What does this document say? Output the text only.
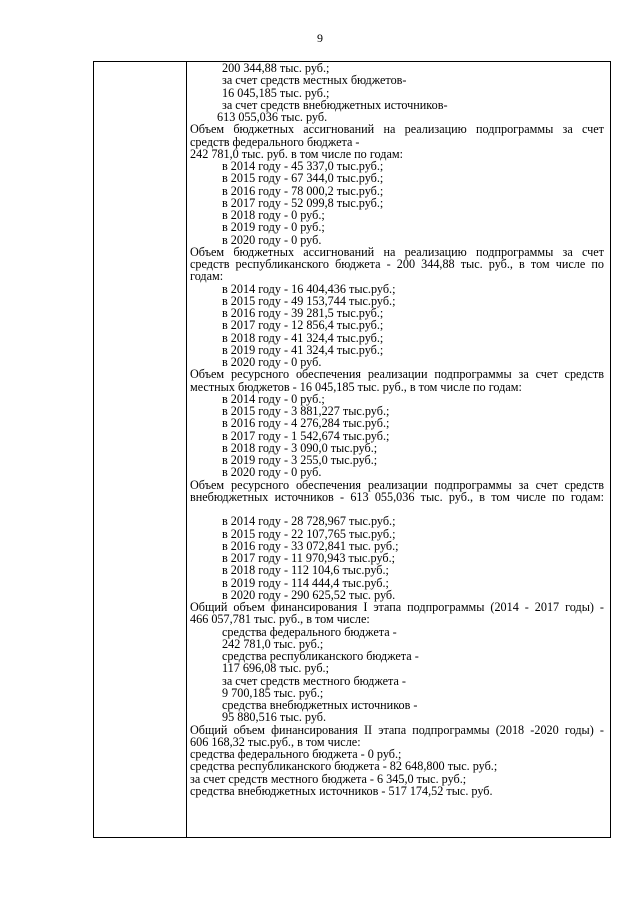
9
200 344,88 тыс. руб.;
за счет средств местных бюджетов-
16 045,185 тыс. руб.;
за счет средств внебюджетных источников-
613 055,036 тыс. руб.
Объем бюджетных ассигнований на реализацию подпрограммы за счет
средств федерального бюджета -
242 781,0 тыс. руб. в том числе по годам:
в 2014 году - 45 337,0 тыс.руб.;
в 2015 году - 67 344,0 тыс.руб.;
в 2016 году - 78 000,2 тыс.руб.;
в 2017 году - 52 099,8 тыс.руб.;
в 2018 году - 0 руб.;
в 2019 году - 0 руб.;
в 2020 году - 0 руб.
Объем бюджетных ассигнований на реализацию подпрограммы за счет
средств республиканского бюджета - 200 344,88 тыс. руб., в том числе по
годам:
в 2014 году - 16 404,436 тыс.руб.;
в 2015 году - 49 153,744 тыс.руб.;
в 2016 году - 39 281,5 тыс.руб.;
в 2017 году - 12 856,4 тыс.руб.;
в 2018 году - 41 324,4 тыс.руб.;
в 2019 году - 41 324,4 тыс.руб.;
в 2020 году - 0 руб.
Объем ресурсного обеспечения реализации подпрограммы за счет средств
местных бюджетов - 16 045,185 тыс. руб., в том числе по годам:
в 2014 году - 0 руб.;
в 2015 году - 3 881,227 тыс.руб.;
в 2016 году - 4 276,284 тыс.руб.;
в 2017 году - 1 542,674 тыс.руб.;
в 2018 году - 3 090,0 тыс.руб.;
в 2019 году - 3 255,0 тыс.руб.;
в 2020 году - 0 руб.
Объем ресурсного обеспечения реализации подпрограммы за счет средств
внебюджетных источников - 613 055,036 тыс. руб., в том числе по годам:
в 2014 году - 28 728,967 тыс.руб.;
в 2015 году - 22 107,765 тыс.руб.;
в 2016 году - 33 072,841 тыс. руб.;
в 2017 году - 11 970,943 тыс.руб.;
в 2018 году - 112 104,6 тыс.руб.;
в 2019 году - 114 444,4 тыс.руб.;
в 2020 году - 290 625,52 тыс. руб.
Общий объем финансирования I этапа подпрограммы (2014 - 2017 годы) -
466 057,781 тыс. руб., в том числе:
средства федерального бюджета -
242 781,0 тыс. руб.;
средства республиканского бюджета -
117 696,08 тыс. руб.;
за счет средств местного бюджета -
9 700,185 тыс. руб.;
средства внебюджетных источников -
95 880,516 тыс. руб.
Общий объем финансирования II этапа подпрограммы (2018 -2020 годы) -
606 168,32 тыс.руб., в том числе:
средства федерального бюджета - 0 руб.;
средства республиканского бюджета - 82 648,800 тыс. руб.;
за счет средств местного бюджета - 6 345,0 тыс. руб.;
средства внебюджетных источников - 517 174,52 тыс. руб.
